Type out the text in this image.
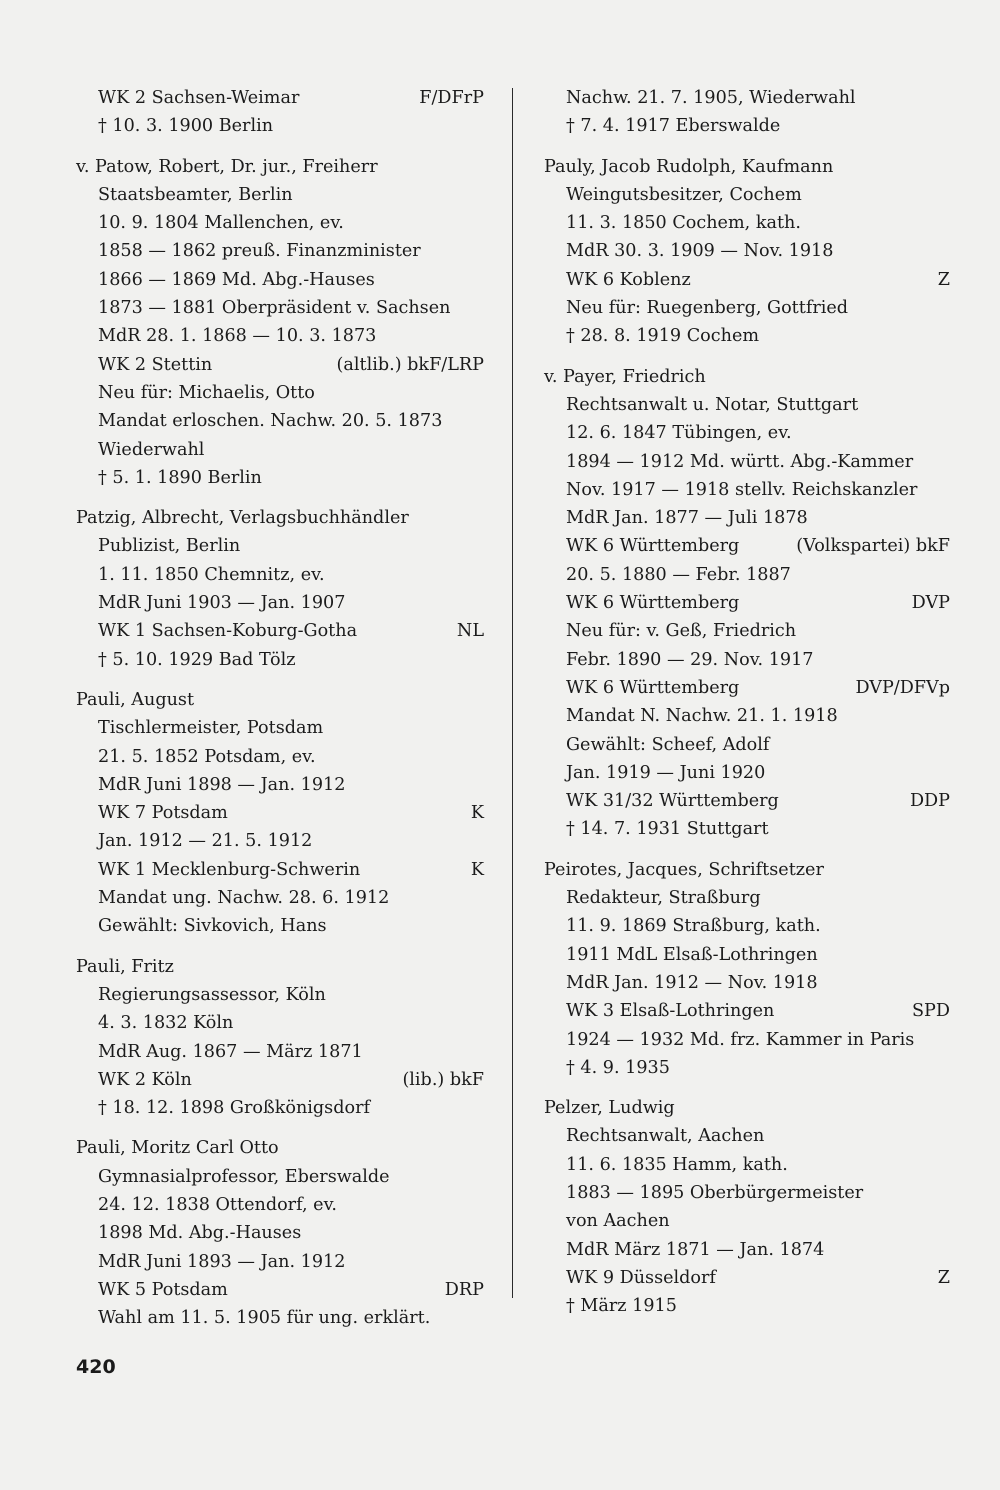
WK 2 Sachsen-Weimar	F/DFrP
† 10. 3. 1900 Berlin
v. Patow, Robert, Dr. jur., Freiherr
Staatsbeamter, Berlin
10. 9. 1804 Mallenchen, ev.
1858 — 1862 preuß. Finanzminister
1866 — 1869 Md. Abg.-Hauses
1873 — 1881 Oberpräsident v. Sachsen
MdR 28. 1. 1868 — 10. 3. 1873
WK 2 Stettin	(altlib.) bkF/LRP
Neu für: Michaelis, Otto
Mandat erloschen. Nachw. 20. 5. 1873
Wiederwahl
† 5. 1. 1890 Berlin
Patzig, Albrecht, Verlagsbuchhändler
Publizist, Berlin
1. 11. 1850 Chemnitz, ev.
MdR Juni 1903 — Jan. 1907
WK 1 Sachsen-Koburg-Gotha	NL
† 5. 10. 1929 Bad Tölz
Pauli, August
Tischlermeister, Potsdam
21. 5. 1852 Potsdam, ev.
MdR Juni 1898 — Jan. 1912
WK 7 Potsdam	K
Jan. 1912 — 21. 5. 1912
WK 1 Mecklenburg-Schwerin	K
Mandat ung. Nachw. 28. 6. 1912
Gewählt: Sivkovich, Hans
Pauli, Fritz
Regierungsassessor, Köln
4. 3. 1832 Köln
MdR Aug. 1867 — März 1871
WK 2 Köln	(lib.) bkF
† 18. 12. 1898 Großkönigsdorf
Pauli, Moritz Carl Otto
Gymnasialprofessor, Eberswalde
24. 12. 1838 Ottendorf, ev.
1898 Md. Abg.-Hauses
MdR Juni 1893 — Jan. 1912
WK 5 Potsdam	DRP
Wahl am 11. 5. 1905 für ung. erklärt.
Nachw. 21. 7. 1905, Wiederwahl
† 7. 4. 1917 Eberswalde
Pauly, Jacob Rudolph, Kaufmann
Weingutsbesitzer, Cochem
11. 3. 1850 Cochem, kath.
MdR 30. 3. 1909 — Nov. 1918
WK 6 Koblenz	Z
Neu für: Ruegenberg, Gottfried
† 28. 8. 1919 Cochem
v. Payer, Friedrich
Rechtsanwalt u. Notar, Stuttgart
12. 6. 1847 Tübingen, ev.
1894 — 1912 Md. württ. Abg.-Kammer
Nov. 1917 — 1918 stellv. Reichskanzler
MdR Jan. 1877 — Juli 1878
WK 6 Württemberg	(Volkspartei) bkF
20. 5. 1880 — Febr. 1887
WK 6 Württemberg	DVP
Neu für: v. Geß, Friedrich
Febr. 1890 — 29. Nov. 1917
WK 6 Württemberg	DVP/DFVp
Mandat N. Nachw. 21. 1. 1918
Gewählt: Scheef, Adolf
Jan. 1919 — Juni 1920
WK 31/32 Württemberg	DDP
† 14. 7. 1931 Stuttgart
Peirotes, Jacques, Schriftsetzer
Redakteur, Straßburg
11. 9. 1869 Straßburg, kath.
1911 MdL Elsaß-Lothringen
MdR Jan. 1912 — Nov. 1918
WK 3 Elsaß-Lothringen	SPD
1924 — 1932 Md. frz. Kammer in Paris
† 4. 9. 1935
Pelzer, Ludwig
Rechtsanwalt, Aachen
11. 6. 1835 Hamm, kath.
1883 — 1895 Oberbürgermeister
von Aachen
MdR März 1871 — Jan. 1874
WK 9 Düsseldorf	Z
† März 1915
420
